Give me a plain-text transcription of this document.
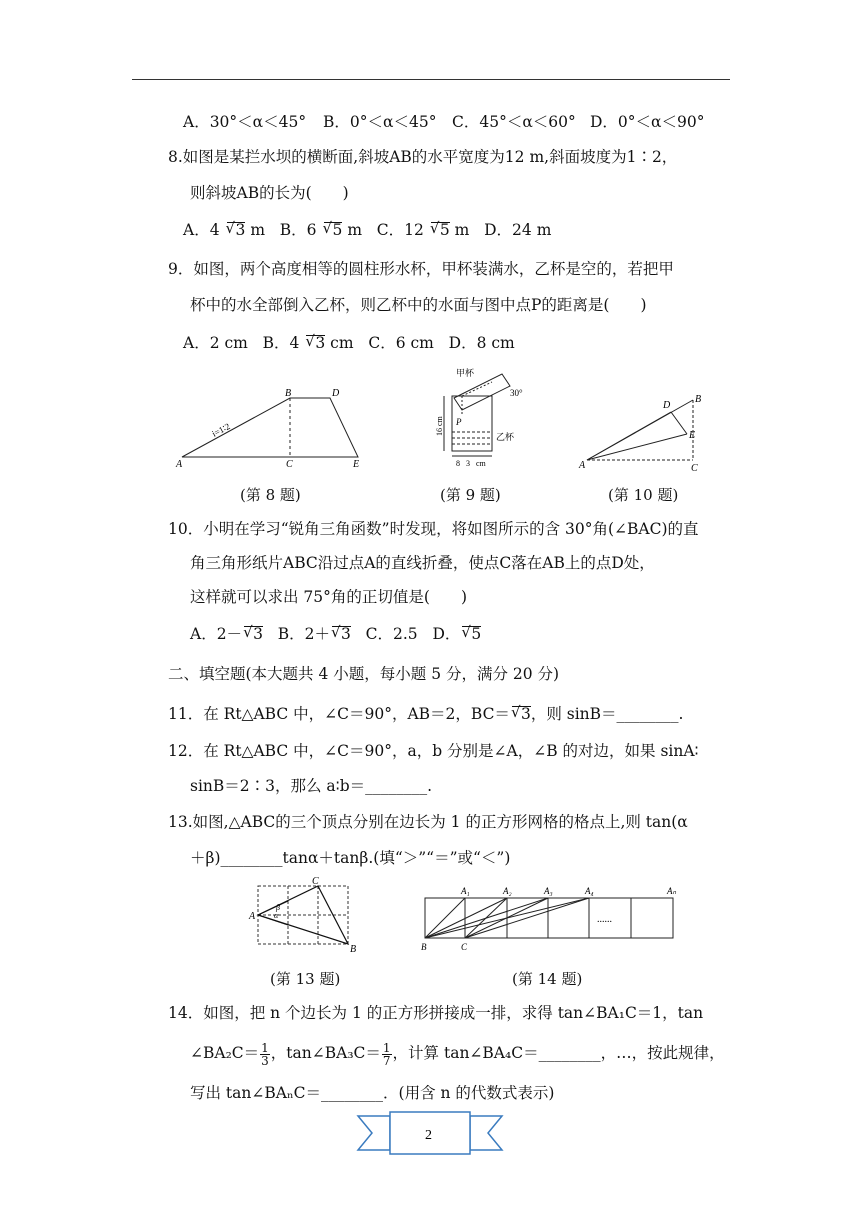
A．30°＜α＜45° B．0°＜α＜45° C．45°＜α＜60° D．0°＜α＜90°
8.如图是某拦水坝的横断面,斜坡AB的水平宽度为12 m,斜面坡度为1∶2，
则斜坡AB的长为(　　)
A．4 √ 3 m B．6 √ 5 m C．12 √ 5 m D．24 m
9．如图，两个高度相等的圆柱形水杯，甲杯装满水，乙杯是空的，若把甲
杯中的水全部倒入乙杯，则乙杯中的水面与图中点P的距离是(　　)
A．2 cm B．4 √ 3 cm C．6 cm D．8 cm
A
B
C
D
E
i=1∶2
(第 8 题)
甲杯
30°
P
乙杯
16 cm
8 3 cm
(第 9 题)
A
B
C
D
E
(第 10 题)
10．小明在学习“锐角三角函数”时发现，将如图所示的含 30°角(∠BAC)的直
角三角形纸片ABC沿过点A的直线折叠，使点C落在AB上的点D处，
这样就可以求出 75°角的正切值是(　　)
A．2－ √ 3 B．2＋ √ 3 C．2.5 D． √ 5
二、填空题(本大题共 4 小题，每小题 5 分，满分 20 分)
11．在 Rt△ABC 中，∠C＝90°，AB＝2，BC＝ √ 3，则 sinB＝________.
12．在 Rt△ABC 中，∠C＝90°，a，b 分别是∠A，∠B 的对边，如果 sinA∶
sinB＝2∶3，那么 a∶b＝________.
13.如图,△ABC的三个顶点分别在边长为 1 的正方形网格的格点上,则 tan(α
＋β)________tanα＋tanβ.(填“＞”“＝”或“＜”)
A
B
C
α
β
(第 13 题)
A₁	A₂	A₃	A₄	Aₙ
B	C
......
(第 14 题)
14．如图，把 n 个边长为 1 的正方形拼接成一排，求得 tan∠BA₁C＝1，tan
∠BA₂C＝ $\frac{1}{3}$ ，tan∠BA₃C＝ $\frac{1}{7}$ ，计算 tan∠BA₄C＝________，…，按此规律，
写出 tan∠BAₙC＝________．(用含 n 的代数式表示)
2
